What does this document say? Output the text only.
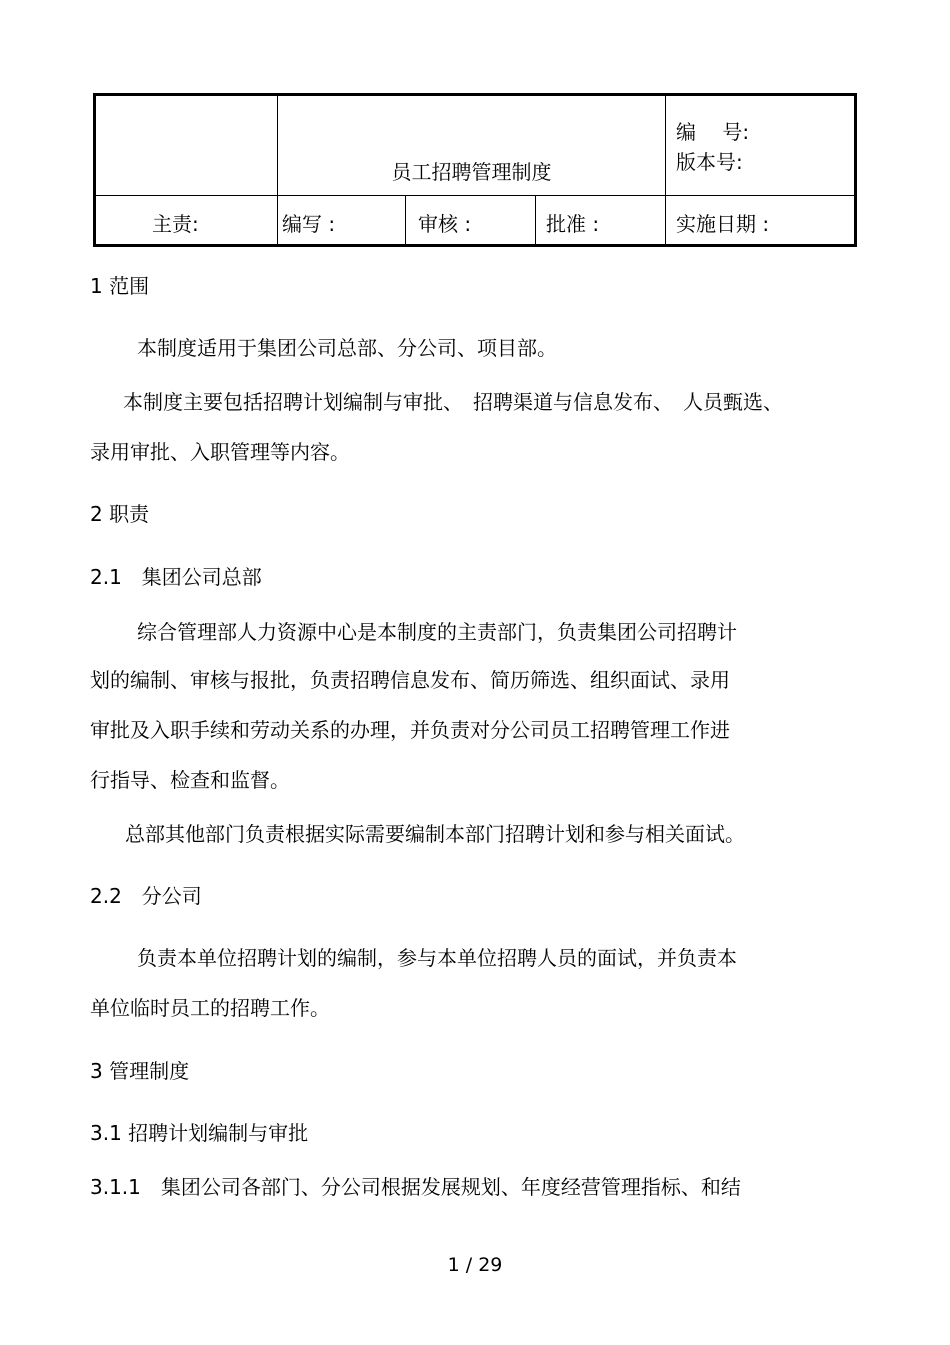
员工招聘管理制度
编　 号:
版本号:
主责:	编写 :	审核 :	批准 :	实施日期 :
1 范围
本制度适用于集团公司总部、分公司、项目部。
本制度主要包括招聘计划编制与审批、　招聘渠道与信息发布、　人员甄选、
录用审批、入职管理等内容。
2 职责
2.1　集团公司总部
综合管理部人力资源中心是本制度的主责部门，负责集团公司招聘计
划的编制、审核与报批，负责招聘信息发布、简历筛选、组织面试、录用
审批及入职手续和劳动关系的办理，并负责对分公司员工招聘管理工作进
行指导、检查和监督。
总部其他部门负责根据实际需要编制本部门招聘计划和参与相关面试。
2.2　分公司
负责本单位招聘计划的编制，参与本单位招聘人员的面试，并负责本
单位临时员工的招聘工作。
3 管理制度
3.1 招聘计划编制与审批
3.1.1　集团公司各部门、分公司根据发展规划、年度经营管理指标、和结
1 / 29
